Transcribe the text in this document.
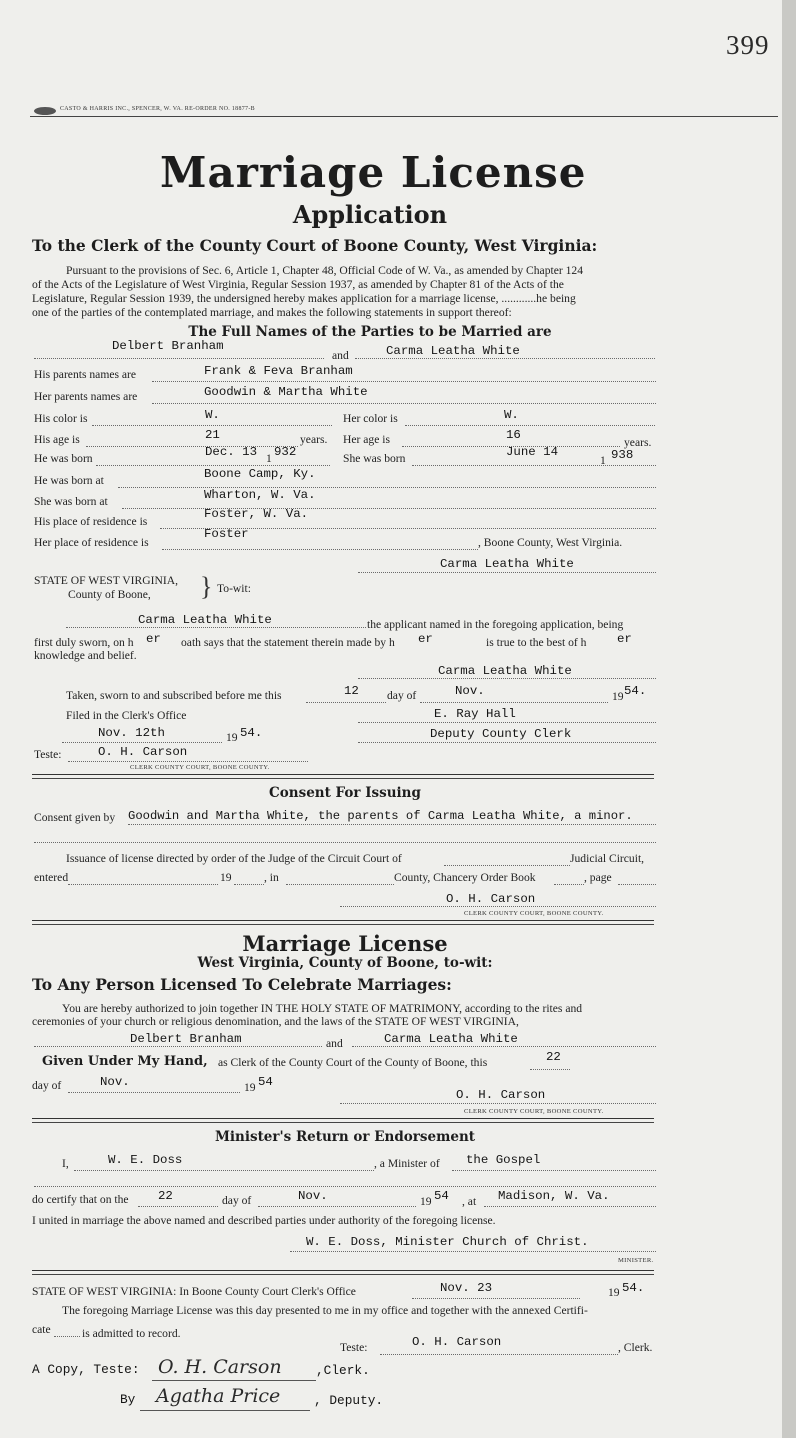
399
CASTO & HARRIS INC., SPENCER, W. VA. RE-ORDER NO. 18877-B
Marriage License
Application
To the Clerk of the County Court of Boone County, West Virginia:
Pursuant to the provisions of Sec. 6, Article 1, Chapter 48, Official Code of W. Va., as amended by Chapter 124
of the Acts of the Legislature of West Virginia, Regular Session 1937, as amended by Chapter 81 of the Acts of the
Legislature, Regular Session 1939, the undersigned hereby makes application for a marriage license, ............he being
one of the parties of the contemplated marriage, and makes the following statements in support thereof:
The Full Names of the Parties to be Married are
Delbert Branham
and	Carma Leatha White
His parents names are	Frank & Feva Branham
Her parents names are	Goodwin & Martha White
His color is	W.	Her color is	W.
His age is	21	years. Her age is	16
years.
He was born	Dec. 13 1 932	She was born	June 14
1 938
He was born at	Boone Camp, Ky.
She was born at	Wharton, W. Va.
His place of residence is
Foster, W. Va.
Her place of residence is
Foster
, Boone County, West Virginia.
Carma Leatha White
STATE OF WEST VIRGINIA,
County of Boone, } To-wit:
Carma Leatha White	the applicant named in the foregoing application, being
first duly sworn, on h er oath says that the statement therein made by h er	is true to the best of h er
knowledge and belief.
Carma Leatha White
Taken, sworn to and subscribed before me this	12 day of	Nov.	19 54.
Filed in the Clerk's Office	E. Ray Hall
Nov. 12th	19 54.	Deputy County Clerk
Teste:	O. H. Carson
CLERK COUNTY COURT, BOONE COUNTY.
Consent For Issuing
Consent given by Goodwin and Martha White, the parents of Carma Leatha White, a minor.
Issuance of license directed by order of the Judge of the Circuit Court of	Judicial Circuit,
entered	19	, in	County, Chancery Order Book	, page
O. H. Carson
CLERK COUNTY COURT, BOONE COUNTY.
Marriage License
West Virginia, County of Boone, to-wit:
To Any Person Licensed To Celebrate Marriages:
You are hereby authorized to join together IN THE HOLY STATE OF MATRIMONY, according to the rites and
ceremonies of your church or religious denomination, and the laws of the STATE OF WEST VIRGINIA,
Delbert Branham	and	Carma Leatha White
Given Under My Hand, as Clerk of the County Court of the County of Boone, this	22
day of	Nov.	19 54
O. H. Carson
CLERK COUNTY COURT, BOONE COUNTY.
Minister's Return or Endorsement
I,	W. E. Doss	, a Minister of the Gospel
do certify that on the 22	day of	Nov.	19 54 , at Madison, W. Va.
I united in marriage the above named and described parties under authority of the foregoing license.
W. E. Doss, Minister Church of Christ.
MINISTER.
STATE OF WEST VIRGINIA: In Boone County Court Clerk's Office	Nov. 23	19 54.
The foregoing Marriage License was this day presented to me in my office and together with the annexed Certifi-
cate	is admitted to record.
Teste:	O. H. Carson	, Clerk.
A Copy, Teste: O. H. Carson	,Clerk.
By Agatha Price	, Deputy.
